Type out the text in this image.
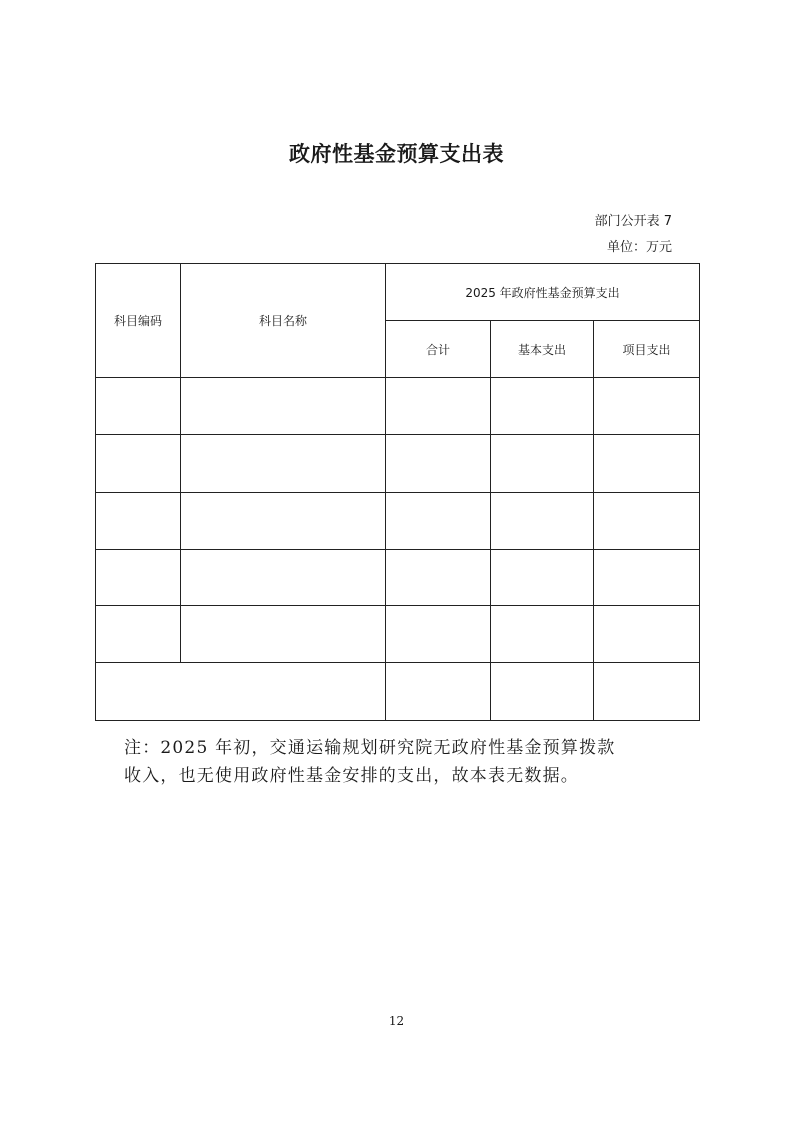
政府性基金预算支出表
部门公开表 7
单位：万元
科目编码	科目名称	2025 年政府性基金预算支出		
		合计	基本支出	项目支出

注：2025 年初，交通运输规划研究院无政府性基金预算拨款

收入，也无使用政府性基金安排的支出，故本表无数据。

12
